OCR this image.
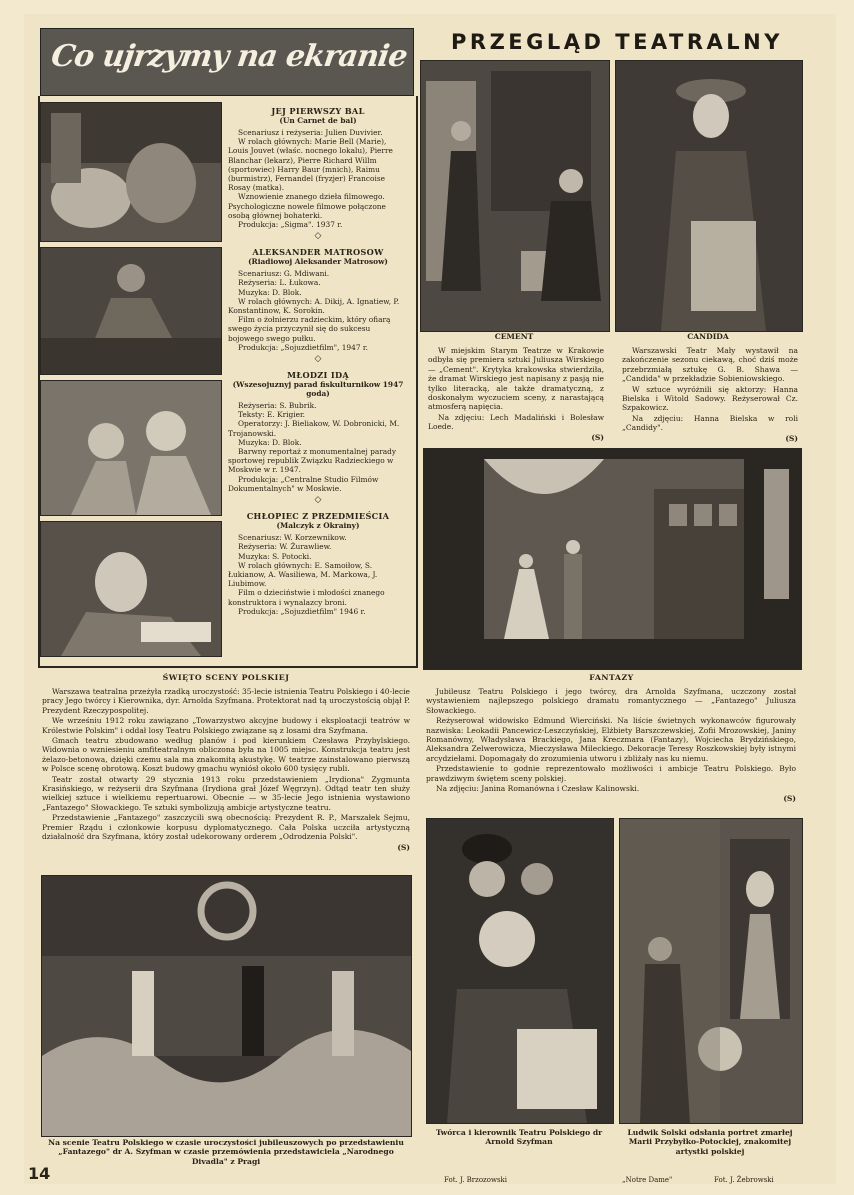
Co ujrzymy na ekranie	PRZEGLĄD TEATRALNY
JEJ PIERWSZY BAL
(Un Carnet de bal)
Scenariusz i reżyseria: Julien Duvivier.
W rolach głównych: Marie Bell (Marie), Louis Jouvet (właśc. nocnego lokalu), Pierre Blanchar (lekarz), Pierre Richard Willm (sportowiec) Harry Baur (mnich), Raimu (burmistrz), Fernandel (fryzjer) Francoise Rosay (matka).
Wznowienie znanego dzieła filmowego. Psychologiczne nowele filmowe połączone osobą głównej bohaterki.
Produkcja: „Sigma". 1937 r.
◇
ALEKSANDER MATROSOW
(Riadiowoj Aleksander Matrosow)
Scenariusz: G. Mdiwani.
Reżyseria: L. Łukowa.
Muzyka: D. Blok.
W rolach głównych: A. Dikij, A. Ignatiew, P. Konstantinow, K. Sorokin.
Film o żołnierzu radzieckim, który ofiarą swego życia przyczynił się do sukcesu bojowego swego pułku.
Produkcja: „Sojuzdietfilm", 1947 r.
◇
MŁODZI IDĄ
(Wszesojuznyj parad fiskulturnikow 1947 goda)
Reżyseria: S. Bubrik.
Teksty: E. Krigier.
Operatorzy: J. Bieliakow, W. Dobronicki, M. Trojanowski.
Muzyka: D. Blok.
Barwny reportaż z monumentalnej parady sportowej republik Związku Radzieckiego w Moskwie w r. 1947.
Produkcja: „Centralne Studio Filmów Dokumentalnych" w Moskwie.
◇
CHŁOPIEC Z PRZEDMIEŚCIA
(Malczyk z Okrainy)
Scenariusz: W. Korzewnikow.
Reżyseria: W. Żurawliew.
Muzyka: S. Potocki.
W rolach głównych: E. Samoiłow, S. Łukianow, A. Wasiliewa, M. Markowa, J. Liubimow.
Film o dzieciństwie i młodości znanego konstruktora i wynalazcy broni.
Produkcja: „Sojuzdietfilm" 1946 r.
CEMENT

W miejskim Starym Teatrze w Krakowie odbyła się premiera sztuki Juliusza Wirskiego — „Cement". Krytyka krakowska stwierdziła, że dramat Wirskiego jest napisany z pasją nie tylko literacką, ale także dramatyczną, z doskonałym wyczuciem sceny, z narastającą atmosferą napięcia.

Na zdjęciu: Lech Madaliński i Bolesław Loede.

(S)
CANDIDA

Warszawski Teatr Mały wystawił na zakończenie sezonu ciekawą, choć dziś może przebrzmiałą sztukę G. B. Shawa — „Candida" w przekładzie Sobieniowskiego.

W sztuce wyróżnili się aktorzy: Hanna Bielska i Witold Sadowy. Reżyserował Cz. Szpakowicz.

Na zdjęciu: Hanna Bielska w roli „Candidy".

(S)
ŚWIĘTO SCENY POLSKIEJ	FANTAZY

Warszawa teatralna przeżyła rzadką uroczystość: 35-lecie istnienia Teatru Polskiego i 40-lecie pracy Jego twórcy i Kierownika, dyr. Arnolda Szyfmana. Protektorat nad tą uroczystością objął P. Prezydent Rzeczypospolitej.

We wrześniu 1912 roku zawiązano „Towarzystwo akcyjne budowy i eksploatacji teatrów w Królestwie Polskim" i oddał losy Teatru Polskiego związane są z losami dra Szyfmana.

Gmach teatru zbudowano według planów i pod kierunkiem Czesława Przybylskiego. Widownia o wzniesieniu amfiteatralnym obliczona była na 1005 miejsc. Konstrukcja teatru jest żelazo-betonowa, dzięki czemu sala ma znakomitą akustykę. W teatrze zainstalowano pierwszą w Polsce scenę obrotową. Koszt budowy gmachu wyniósł około 600 tysięcy rubli.

Teatr został otwarty 29 stycznia 1913 roku przedstawieniem „Irydiona" Zygmunta Krasińskiego, w reżyserii dra Szyfmana (Irydiona grał Józef Węgrzyn). Odtąd teatr ten służy wielkiej sztuce i wielkiemu repertuarowi. Obecnie — w 35-lecie Jego istnienia wystawiono „Fantazego" Słowackiego. Te sztuki symbolizują ambicje artystyczne teatru.

Przedstawienie „Fantazego" zaszczycili swą obecnością: Prezydent R. P., Marszałek Sejmu, Premier Rządu i członkowie korpusu dyplomatycznego. Cała Polska uczciła artystyczną działalność dra Szyfmana, który został udekorowany orderem „Odrodzenia Polski".

(S)

Jubileusz Teatru Polskiego i jego twórcy, dra Arnolda Szyfmana, uczczony został wystawieniem najlepszego polskiego dramatu romantycznego — „Fantazego" Juliusza Słowackiego.

Reżyserował widowisko Edmund Wierciński. Na liście świetnych wykonawców figurowały nazwiska: Leokadii Pancewicz-Leszczyńskiej, Elżbiety Barszczewskiej, Zofii Mrozowskiej, Janiny Romanówny, Władysława Brackiego, Jana Kreczmara (Fantazy), Wojciecha Brydzińskiego, Aleksandra Zelwerowicza, Mieczysława Mileckiego. Dekoracje Teresy Roszkowskiej były istnymi arcydziełami. Dopomagały do zrozumienia utworu i zbliżały nas ku niemu.

Przedstawienie to godnie reprezentowało możliwości i ambicje Teatru Polskiego. Było prawdziwym świętem sceny polskiej.

Na zdjęciu: Janina Romanówna i Czesław Kalinowski.

(S)
Na scenie Teatru Polskiego w czasie uroczystości jubileuszowych po przedstawieniu „Fantazego" dr A. Szyfman w czasie przemówienia przedstawiciela „Narodnego Divadla" z Pragi
Twórca i kierownik Teatru Polskiego dr Arnold Szyfman
Ludwik Solski odsłania portret zmarłej Marii Przybyłko-Potockiej, znakomitej artystki polskiej
14	Fot. J. Brzozowski	„Notre Dame"	Fot. J. Żebrowski
